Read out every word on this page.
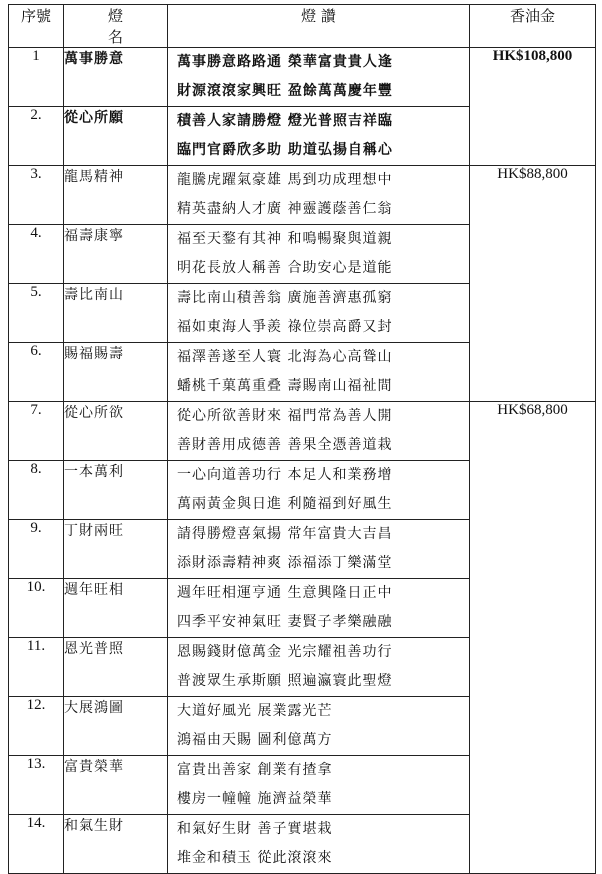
序號	燈 名	燈 讚	香油金
1	萬事勝意	萬事勝意路路通 榮華富貴貴人逢
財源滾滾家興旺 盈餘萬萬慶年豐	HK$108,800
2.	從心所願	積善人家請勝燈 燈光普照吉祥臨
臨門官爵欣多助 助道弘揚自稱心	

3.	龍馬精神	龍騰虎躍氣豪雄 馬到功成理想中
精英盡納人才廣 神靈護蔭善仁翁	HK$88,800
4.	福壽康寧	福至天鍪有其神 和鳴暢聚與道親
明花長放人稱善 合助安心是道能	

5.	壽比南山	壽比南山積善翁 廣施善濟惠孤窮
福如東海人爭羨 祿位崇高爵又封	

6.	賜福賜壽	福澤善遂至人寰 北海為心高聳山
蟠桃千菓萬重叠 壽賜南山福祉間	

7.	從心所欲	從心所欲善財來 福門常為善人開
善財善用成德善 善果全憑善道栽	HK$68,800
8.	一本萬利	一心向道善功行 本足人和業務增
萬兩黃金與日進 利隨福到好風生	

9.	丁財兩旺	請得勝燈喜氣揚 常年富貴大吉昌
添財添壽精神爽 添福添丁樂滿堂	

10.	週年旺相	週年旺相運亨通 生意興隆日正中
四季平安神氣旺 妻賢子孝樂融融	

11.	恩光普照	恩賜錢財億萬金 光宗耀祖善功行
普渡眾生承斯願 照遍瀛寰此聖燈	

12.	大展鴻圖	大道好風光 展業露光芒
鴻福由天賜 圖利億萬方	

13.	富貴榮華	富貴出善家 創業有揸拿
樓房一幢幢 施濟益榮華	

14.	和氣生財	和氣好生財 善子實堪栽
堆金和積玉 從此滾滾來	
